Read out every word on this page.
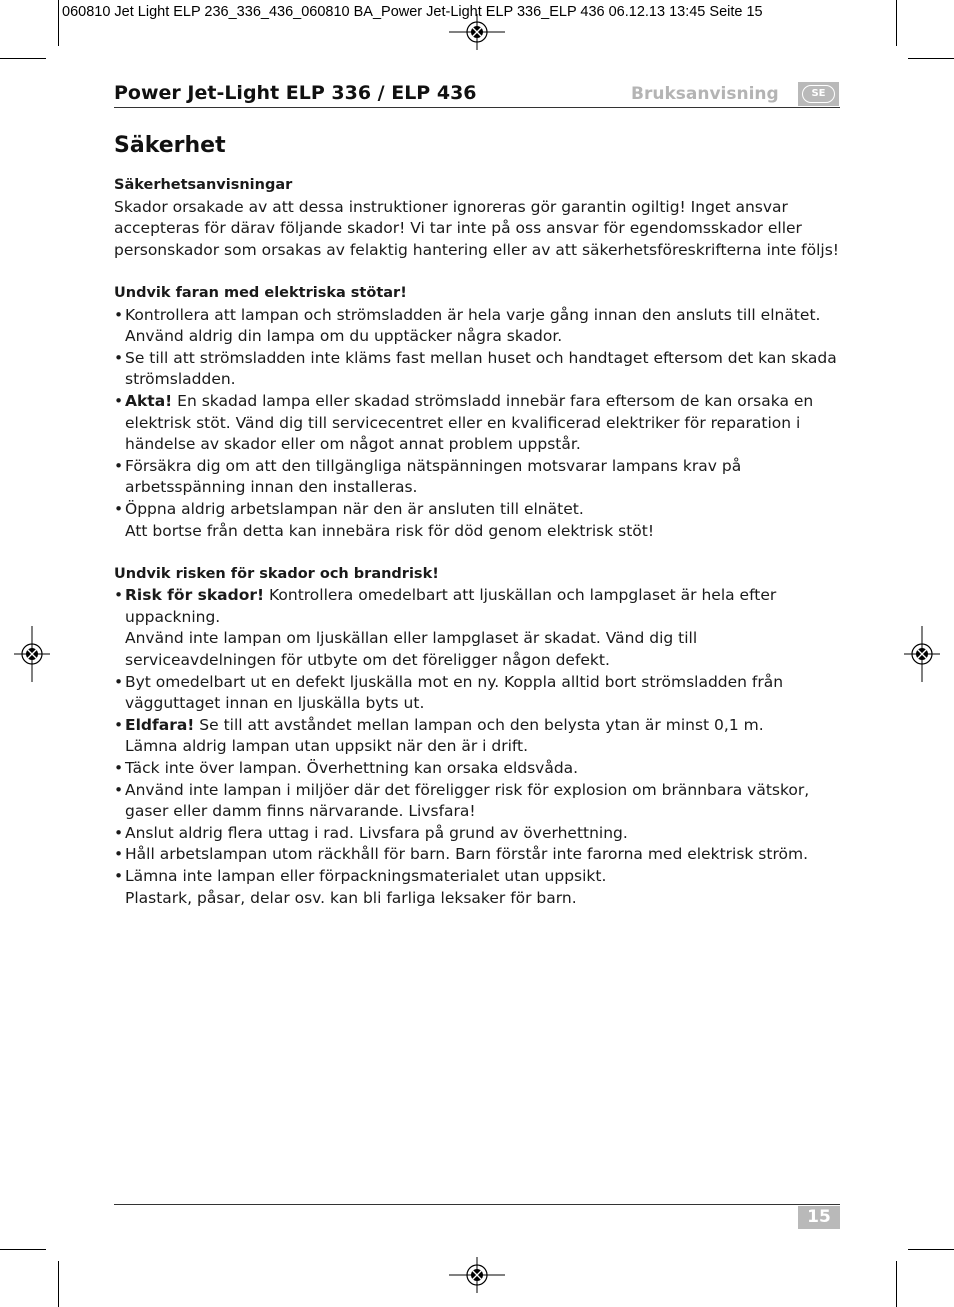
060810 Jet Light ELP 236_336_436_060810 BA_Power Jet-Light ELP 336_ELP 436 06.12.13 13:45 Seite 15
Power Jet-Light ELP 336 / ELP 436	Bruksanvisning	SE
Säkerhet
Säkerhetsanvisningar

Skador orsakade av att dessa instruktioner ignoreras gör garantin ogiltig! Inget ansvar accepteras för därav följande skador! Vi tar inte på oss ansvar för egendomsskador eller personskador som orsakas av felaktig hantering eller av att säkerhetsföreskrifterna inte följs!

Undvik faran med elektriska stötar!
• Kontrollera att lampan och strömsladden är hela varje gång innan den ansluts till elnätet. Använd aldrig din lampa om du upptäcker några skador.
• Se till att strömsladden inte kläms fast mellan huset och handtaget eftersom det kan skada strömsladden.
• Akta! En skadad lampa eller skadad strömsladd innebär fara eftersom de kan orsaka en elektrisk stöt. Vänd dig till servicecentret eller en kvalificerad elektriker för reparation i händelse av skador eller om något annat problem uppstår.
• Försäkra dig om att den tillgängliga nätspänningen motsvarar lampans krav på arbetsspänning innan den installeras.
• Öppna aldrig arbetslampan när den är ansluten till elnätet.
Att bortse från detta kan innebära risk för död genom elektrisk stöt!
Undvik risken för skador och brandrisk!
• Risk för skador! Kontrollera omedelbart att ljuskällan och lampglaset är hela efter uppackning.
Använd inte lampan om ljuskällan eller lampglaset är skadat. Vänd dig till serviceavdelningen för utbyte om det föreligger någon defekt.
• Byt omedelbart ut en defekt ljuskälla mot en ny. Koppla alltid bort strömsladden från vägguttaget innan en ljuskälla byts ut.
• Eldfara! Se till att avståndet mellan lampan och den belysta ytan är minst 0,1 m.
Lämna aldrig lampan utan uppsikt när den är i drift.
• Täck inte över lampan. Överhettning kan orsaka eldsvåda.
• Använd inte lampan i miljöer där det föreligger risk för explosion om brännbara vätskor, gaser eller damm finns närvarande. Livsfara!
• Anslut aldrig flera uttag i rad. Livsfara på grund av överhettning.
• Håll arbetslampan utom räckhåll för barn. Barn förstår inte farorna med elektrisk ström.
• Lämna inte lampan eller förpackningsmaterialet utan uppsikt.
Plastark, påsar, delar osv. kan bli farliga leksaker för barn.
15
